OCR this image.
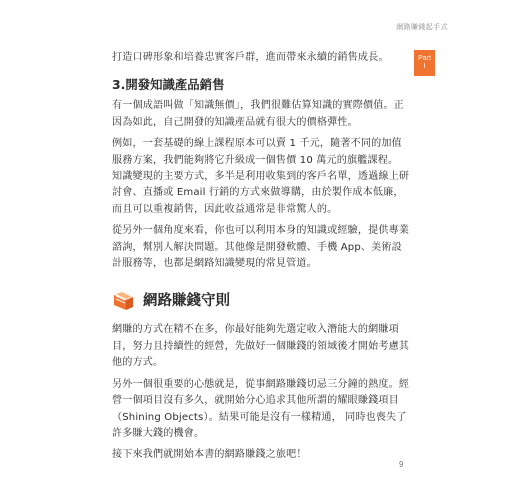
網路賺錢起手式
Part
I

打造口碑形象和培養忠實客戶群，進而帶來永續的銷售成長。

3.開發知識產品銷售

有一個成語叫做「知識無價」，我們很難估算知識的實際價值。正因為如此，自己開發的知識產品就有很大的價格彈性。

例如，一套基礎的線上課程原本可以賣 1 千元，隨著不同的加值服務方案，我們能夠將它升級成一個售價 10 萬元的旗艦課程。

知識變現的主要方式，多半是利用收集到的客戶名單，透過線上研討會、直播或 Email 行銷的方式來做導購，由於製作成本低廉，而且可以重複銷售，因此收益通常是非常驚人的。

從另外一個角度來看，你也可以利用本身的知識或經驗，提供專業諮詢，幫別人解決問題。其他像是開發軟體、手機 App、美術設計服務等，也都是網路知識變現的常見管道。

網路賺錢守則

網賺的方式在精不在多，你最好能夠先選定收入潛能大的網賺項目，努力且持續性的經營，先做好一個賺錢的領域後才開始考慮其他的方式。

另外一個很重要的心態就是，從事網路賺錢切忌三分鐘的熱度。經營一個項目沒有多久，就開始分心追求其他所謂的耀眼賺錢項目（Shining Objects）。結果可能是沒有一樣精通， 同時也喪失了許多賺大錢的機會。

接下來我們就開始本書的網路賺錢之旅吧！

9
